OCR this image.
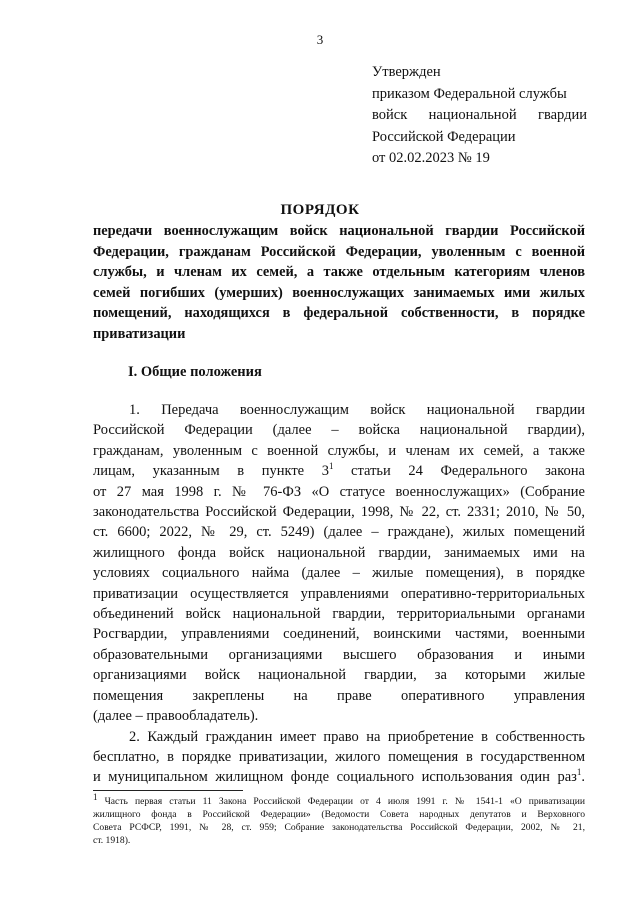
3
Утвержден
приказом Федеральной службы
войск национальной гвардии
Российской Федерации
от 02.02.2023 № 19
ПОРЯДОК
передачи военнослужащим войск национальной гвардии Российской
Федерации, гражданам Российской Федерации, уволенным с военной
службы, и членам их семей, а также отдельным категориям членов
семей погибших (умерших) военнослужащих занимаемых ими жилых
помещений, находящихся в федеральной собственности, в порядке
приватизации
I. Общие положения
1. Передача военнослужащим войск национальной гвардии
Российской Федерации (далее – войска национальной гвардии),
гражданам, уволенным с военной службы, и членам их семей, а также
лицам, указанным в пункте $3^1$ статьи 24 Федерального закона
от 27 мая 1998 г. № 76-ФЗ «О статусе военнослужащих» (Собрание
законодательства Российской Федерации, 1998, № 22, ст. 2331; 2010, № 50,
ст. 6600; 2022, № 29, ст. 5249) (далее – граждане), жилых помещений
жилищного фонда войск национальной гвардии, занимаемых ими на
условиях социального найма (далее – жилые помещения), в порядке
приватизации осуществляется управлениями оперативно-территориальных
объединений войск национальной гвардии, территориальными органами
Росгвардии, управлениями соединений, воинскими частями, военными
образовательными организациями высшего образования и иными
организациями войск национальной гвардии, за которыми жилые
помещения закреплены на праве оперативного управления
(далее – правообладатель).
2. Каждый гражданин имеет право на приобретение в собственность
бесплатно, в порядке приватизации, жилого помещения в государственном
и муниципальном жилищном фонде социального использования один раз$^1$.
$^1$ Часть первая статьи 11 Закона Российской Федерации от 4 июля 1991 г. № 1541-1 «О приватизации
жилищного фонда в Российской Федерации» (Ведомости Совета народных депутатов и Верховного
Совета РСФСР, 1991, № 28, ст. 959; Собрание законодательства Российской Федерации, 2002, № 21,
ст. 1918).
